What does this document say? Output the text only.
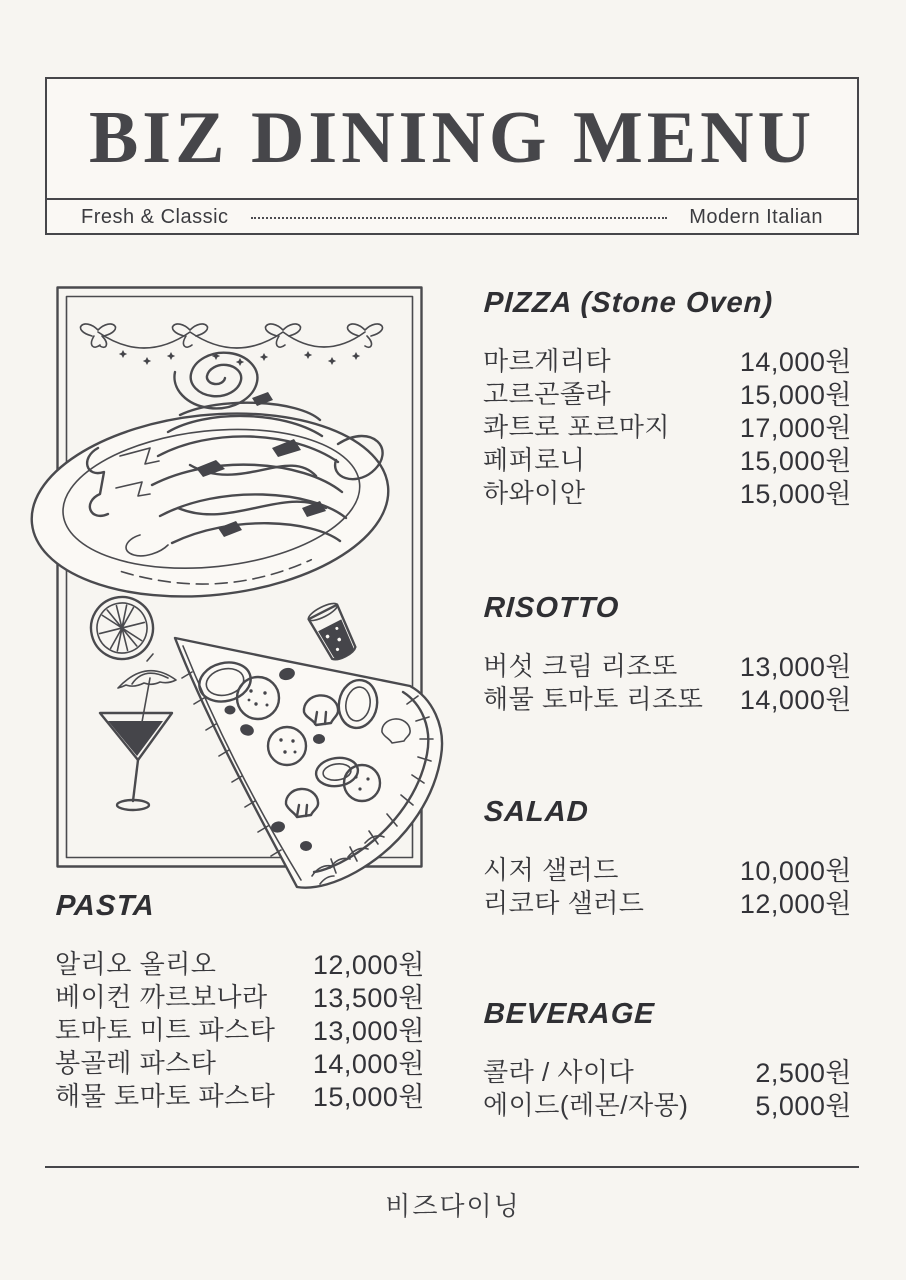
BIZ DINING MENU
Fresh & Classic	Modern Italian
PIZZA (Stone Oven)
마르게리타	14,000원
고르곤졸라	15,000원
콰트로 포르마지	17,000원
페퍼로니	15,000원
하와이안	15,000원
RISOTTO
버섯 크림 리조또 13,000원
해물 토마토 리조또 14,000원
SALAD
시저 샐러드	10,000원
리코타 샐러드	12,000원
PASTA
알리오 올리오	12,000원
베이컨 까르보나라 13,500원
토마토 미트 파스타 13,000원
봉골레 파스타	14,000원
해물 토마토 파스타 15,000원
BEVERAGE
콜라 / 사이다	2,500원
에이드(레몬/자몽) 5,000원
비즈다이닝
